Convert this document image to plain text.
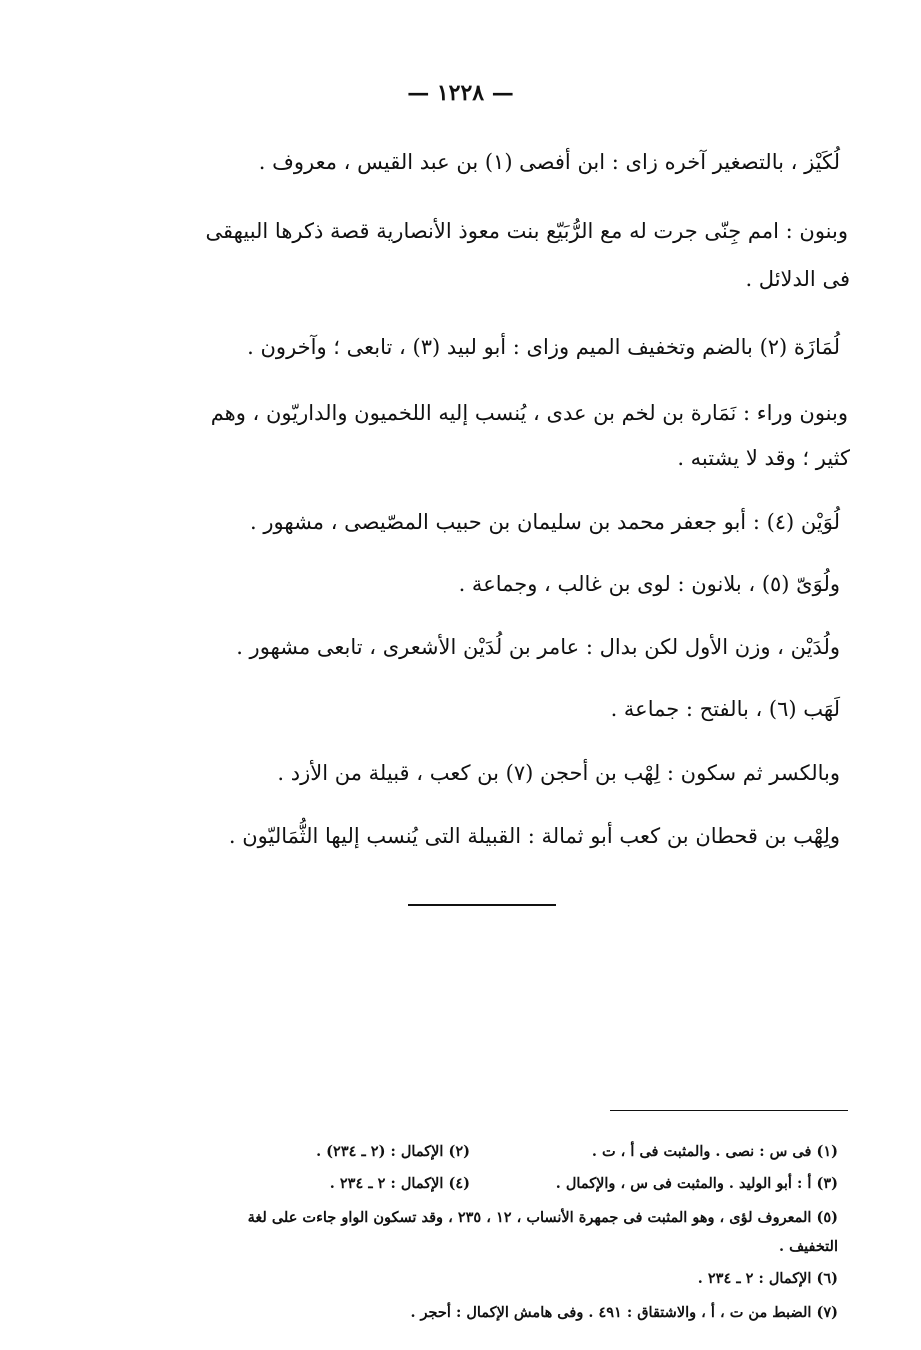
— ١٢٢٨ —
لُكَيْز ، بالتصغير آخره زاى : ابن أفصى (١) بن عبد القيس ، معروف .
وبنون : امم جِنّى جرت له مع الرُّبَيّع بنت معوذ الأنصارية قصة ذكرها البيهقى
فى الدلائل .
لُمَازَة (٢) بالضم وتخفيف الميم وزاى : أبو لبيد (٣) ، تابعى ؛ وآخرون .
وبنون وراء : نَمَارة بن لخم بن عدى ، يُنسب إليه اللخميون والداريّون ، وهم
كثير ؛ وقد لا يشتبه .
لُوَيْن (٤) : أبو جعفر محمد بن سليمان بن حبيب المصّيصى ، مشهور .
ولُوَىّ (٥) ، بلانون : لوى بن غالب ، وجماعة .
ولُدَيْن ، وزن الأول لكن بدال : عامر بن لُدَيْن الأشعرى ، تابعى مشهور .
لَهَب (٦) ، بالفتح : جماعة .
وبالكسر ثم سكون : لِهْب بن أحجن (٧) بن كعب ، قبيلة من الأزد .
ولِهْب بن قحطان بن كعب أبو ثمالة : القبيلة التى يُنسب إليها الثُّمَاليّون .
(١) فى س : نصى . والمثبت فى أ ، ت .
(٢) الإكمال : (٢ ـ ٢٣٤) .
(٣) أ : أبو الوليد . والمثبت فى س ، والإكمال .
(٤) الإكمال : ٢ ـ ٢٣٤ .
(٥) المعروف لؤى ، وهو المثبت فى جمهرة الأنساب ، ١٢ ، ٢٣٥ ، وقد تسكون الواو جاءت على لغة
التخفيف .
(٦) الإكمال : ٢ ـ ٢٣٤ .
(٧) الضبط من ت ، أ ، والاشتقاق : ٤٩١ . وفى هامش الإكمال : أحجر .
